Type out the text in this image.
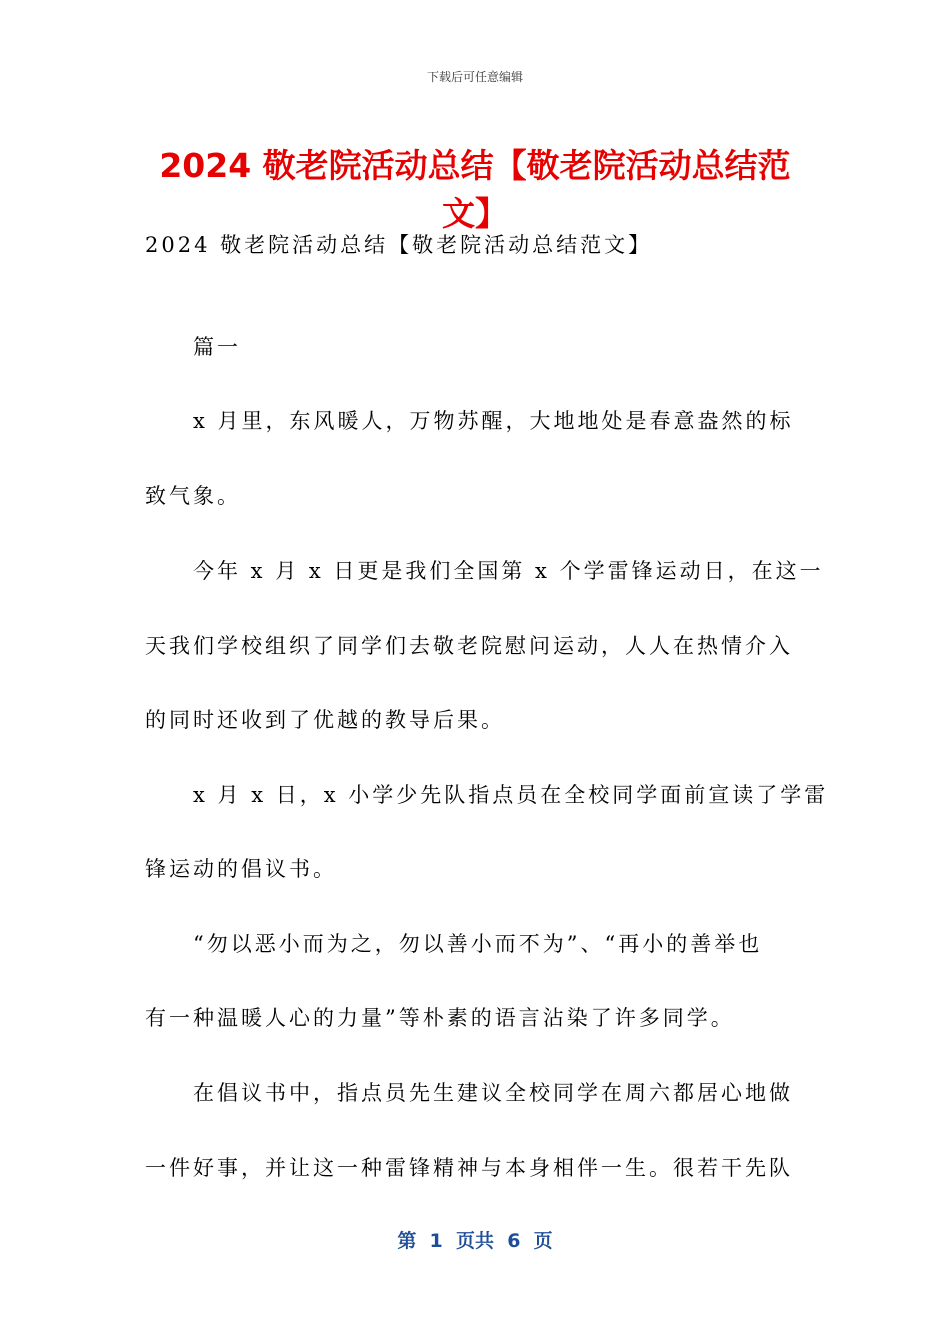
下载后可任意编辑
2024 敬老院活动总结【敬老院活动总结范
文】

2024 敬老院活动总结【敬老院活动总结范文】

篇一

x 月里，东风暖人，万物苏醒，大地地处是春意盎然的标

致气象。

今年 x 月 x 日更是我们全国第 x 个学雷锋运动日，在这一

天我们学校组织了同学们去敬老院慰问运动，人人在热情介入

的同时还收到了优越的教导后果。

x 月 x 日，x 小学少先队指点员在全校同学面前宣读了学雷

锋运动的倡议书。

“勿以恶小而为之，勿以善小而不为”、“再小的善举也

有一种温暖人心的力量”等朴素的语言沾染了许多同学。

在倡议书中，指点员先生建议全校同学在周六都居心地做

一件好事，并让这一种雷锋精神与本身相伴一生。很若干先队

第  1  页共  6  页
